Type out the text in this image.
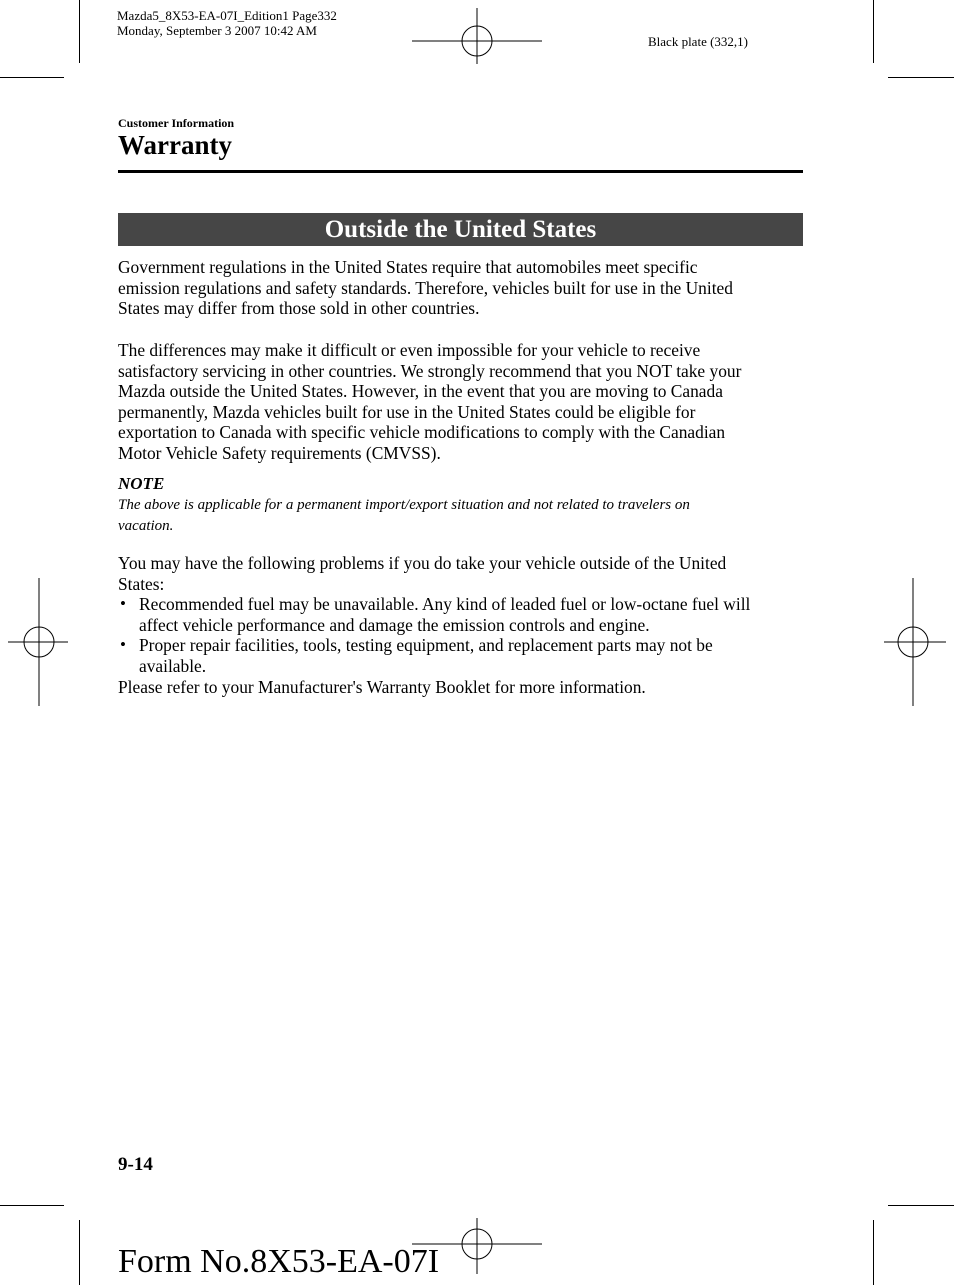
Mazda5_8X53-EA-07I_Edition1 Page332
Monday, September 3 2007 10:42 AM
Black plate (332,1)
Customer Information
Warranty
Outside the United States
Government regulations in the United States require that automobiles meet specific
emission regulations and safety standards. Therefore, vehicles built for use in the United
States may differ from those sold in other countries.
The differences may make it difficult or even impossible for your vehicle to receive
satisfactory servicing in other countries. We strongly recommend that you NOT take your
Mazda outside the United States. However, in the event that you are moving to Canada
permanently, Mazda vehicles built for use in the United States could be eligible for
exportation to Canada with specific vehicle modifications to comply with the Canadian
Motor Vehicle Safety requirements (CMVSS).
NOTE
The above is applicable for a permanent import/export situation and not related to travelers on
vacation.
You may have the following problems if you do take your vehicle outside of the United
States:
• Recommended fuel may be unavailable. Any kind of leaded fuel or low-octane fuel will
affect vehicle performance and damage the emission controls and engine.
• Proper repair facilities, tools, testing equipment, and replacement parts may not be
available.
Please refer to your Manufacturer's Warranty Booklet for more information.
9-14
Form No.8X53-EA-07I
